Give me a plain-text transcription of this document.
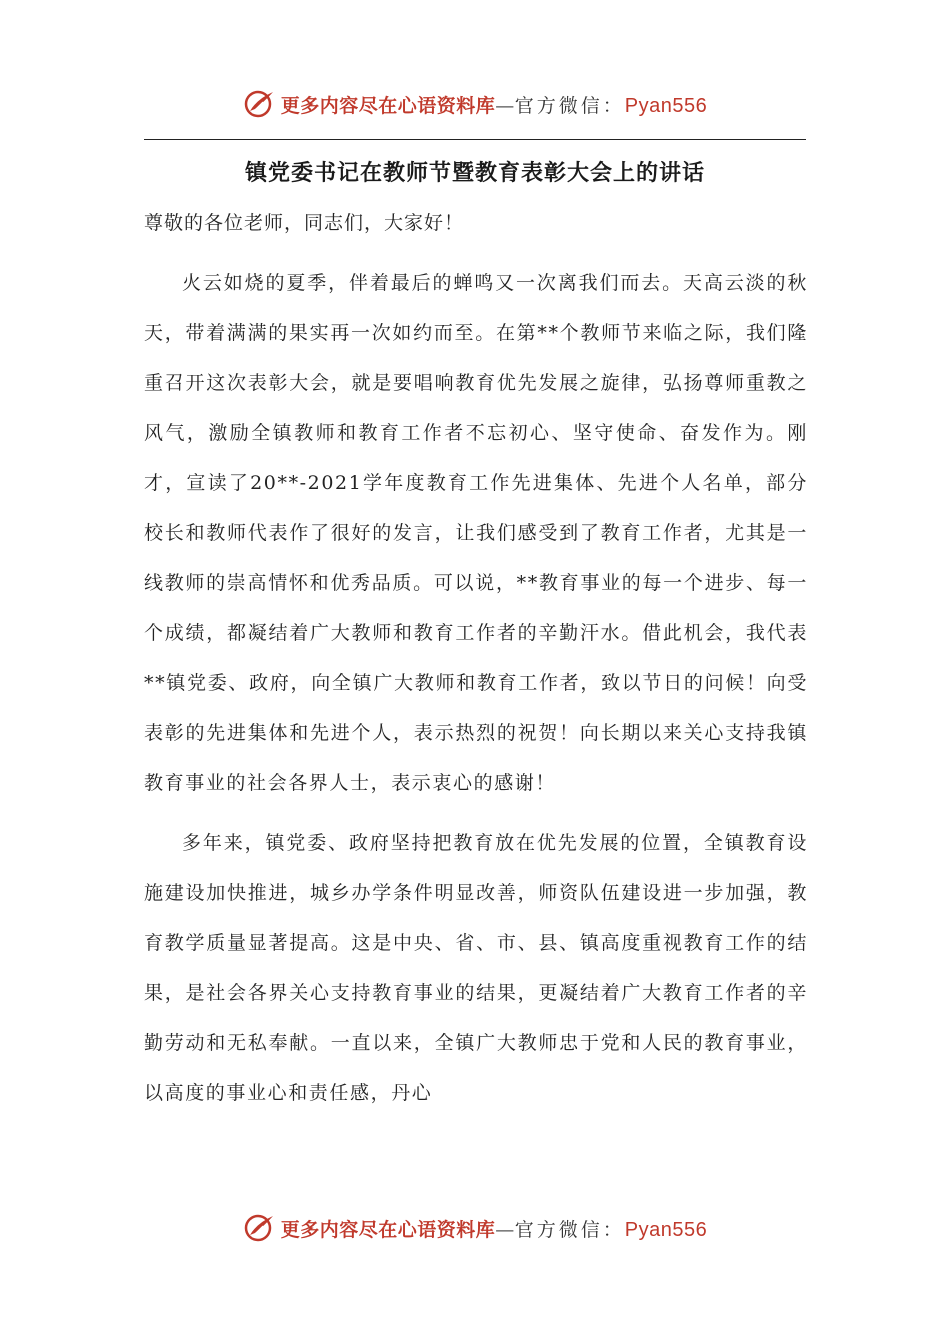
更多内容尽在心语资料库—官方微信：Pyan556
镇党委书记在教师节暨教育表彰大会上的讲话

尊敬的各位老师，同志们，大家好！

火云如烧的夏季，伴着最后的蝉鸣又一次离我们而去。天高云淡的秋天，带着满满的果实再一次如约而至。在第**个教师节来临之际，我们隆重召开这次表彰大会，就是要唱响教育优先发展之旋律，弘扬尊师重教之风气，激励全镇教师和教育工作者不忘初心、坚守使命、奋发作为。刚才，宣读了20**-2021学年度教育工作先进集体、先进个人名单，部分校长和教师代表作了很好的发言，让我们感受到了教育工作者，尤其是一线教师的崇高情怀和优秀品质。可以说，**教育事业的每一个进步、每一个成绩，都凝结着广大教师和教育工作者的辛勤汗水。借此机会，我代表**镇党委、政府，向全镇广大教师和教育工作者，致以节日的问候！向受表彰的先进集体和先进个人，表示热烈的祝贺！向长期以来关心支持我镇教育事业的社会各界人士，表示衷心的感谢！

多年来，镇党委、政府坚持把教育放在优先发展的位置，全镇教育设施建设加快推进，城乡办学条件明显改善，师资队伍建设进一步加强，教育教学质量显著提高。这是中央、省、市、县、镇高度重视教育工作的结果，是社会各界关心支持教育事业的结果，更凝结着广大教育工作者的辛勤劳动和无私奉献。一直以来，全镇广大教师忠于党和人民的教育事业，以高度的事业心和责任感，丹心

更多内容尽在心语资料库—官方微信：Pyan556
